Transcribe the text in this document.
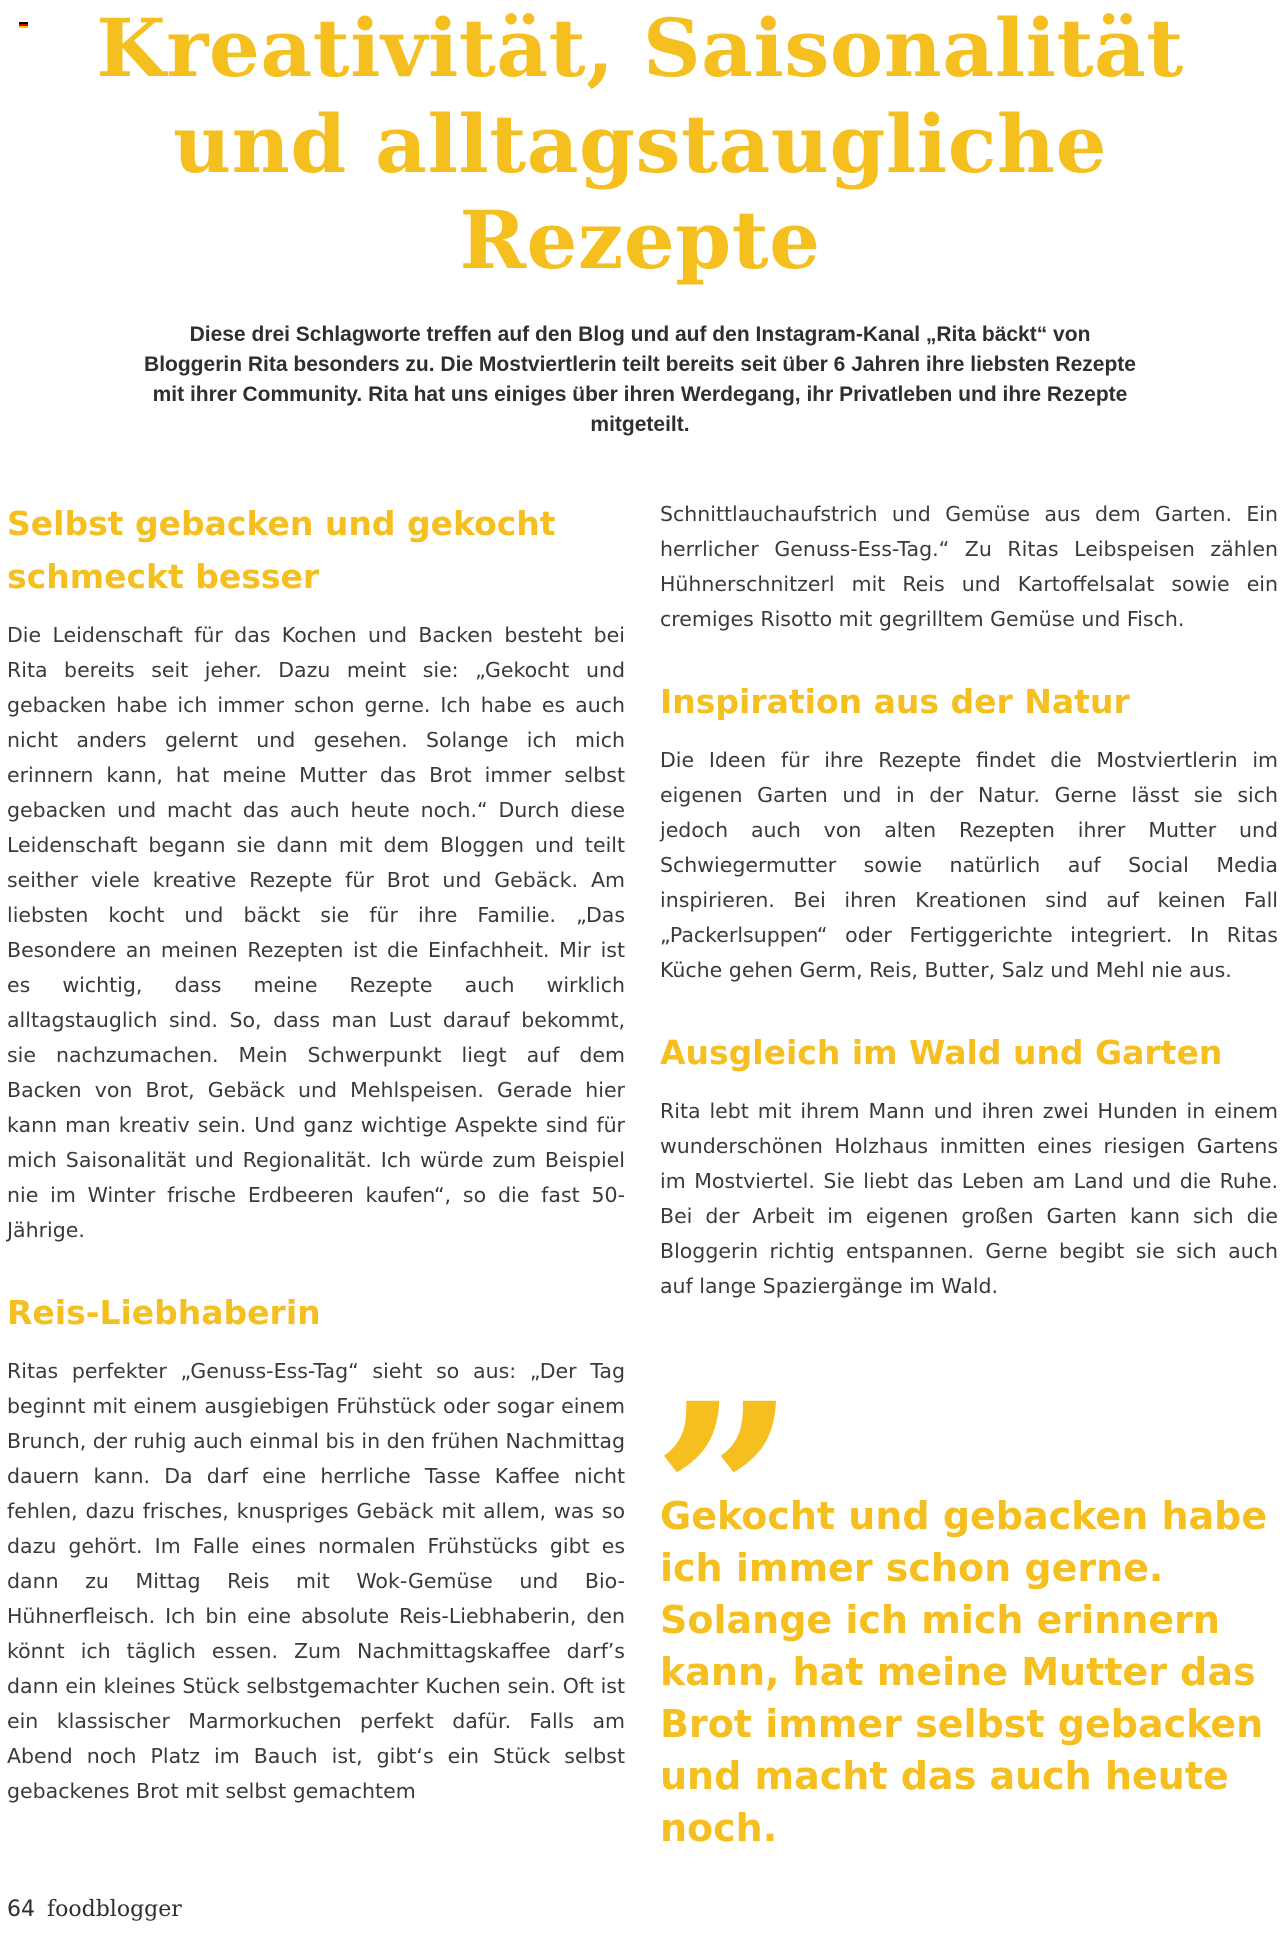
Kreativität, Saisonalität und alltagstaugliche Rezepte

Diese drei Schlagworte treffen auf den Blog und auf den Instagram-Kanal „Rita bäckt“ von Bloggerin Rita besonders zu. Die Mostviertlerin teilt bereits seit über 6 Jahren ihre liebsten Rezepte mit ihrer Community. Rita hat uns einiges über ihren Werdegang, ihr Privatleben und ihre Rezepte mitgeteilt.

Selbst gebacken und gekocht schmeckt besser

Die Leidenschaft für das Kochen und Backen besteht bei Rita bereits seit jeher. Dazu meint sie: „Gekocht und gebacken habe ich immer schon gerne. Ich habe es auch nicht anders gelernt und gesehen. Solange ich mich erinnern kann, hat meine Mutter das Brot immer selbst gebacken und macht das auch heute noch.“ Durch diese Leidenschaft begann sie dann mit dem Bloggen und teilt seither viele kreative Rezepte für Brot und Gebäck. Am liebsten kocht und bäckt sie für ihre Familie. „Das Besondere an meinen Rezepten ist die Einfachheit. Mir ist es wichtig, dass meine Rezepte auch wirklich alltagstauglich sind. So, dass man Lust darauf bekommt, sie nachzumachen. Mein Schwerpunkt liegt auf dem Backen von Brot, Gebäck und Mehlspeisen. Gerade hier kann man kreativ sein. Und ganz wichtige Aspekte sind für mich Saisonalität und Regionalität. Ich würde zum Beispiel nie im Winter frische Erdbeeren kaufen“, so die fast 50-Jährige.

Reis-Liebhaberin

Ritas perfekter „Genuss-Ess-Tag“ sieht so aus: „Der Tag beginnt mit einem ausgiebigen Frühstück oder sogar einem Brunch, der ruhig auch einmal bis in den frühen Nachmittag dauern kann. Da darf eine herrliche Tasse Kaffee nicht fehlen, dazu frisches, knuspriges Gebäck mit allem, was so dazu gehört. Im Falle eines normalen Frühstücks gibt es dann zu Mittag Reis mit Wok-Gemüse und Bio-Hühnerfleisch. Ich bin eine absolute Reis-Liebhaberin, den könnt ich täglich essen. Zum Nachmittagskaffee darf’s dann ein kleines Stück selbstgemachter Kuchen sein. Oft ist ein klassischer Marmorkuchen perfekt dafür. Falls am Abend noch Platz im Bauch ist, gibt‘s ein Stück selbst gebackenes Brot mit selbst gemachtem

Schnittlauchaufstrich und Gemüse aus dem Garten. Ein herrlicher Genuss-Ess-Tag.“ Zu Ritas Leibspeisen zählen Hühnerschnitzerl mit Reis und Kartoffelsalat sowie ein cremiges Risotto mit gegrilltem Gemüse und Fisch.

Inspiration aus der Natur

Die Ideen für ihre Rezepte findet die Mostviertlerin im eigenen Garten und in der Natur. Gerne lässt sie sich jedoch auch von alten Rezepten ihrer Mutter und Schwiegermutter sowie natürlich auf Social Media inspirieren. Bei ihren Kreationen sind auf keinen Fall „Packerlsuppen“ oder Fertiggerichte integriert. In Ritas Küche gehen Germ, Reis, Butter, Salz und Mehl nie aus.

Ausgleich im Wald und Garten

Rita lebt mit ihrem Mann und ihren zwei Hunden in einem wunderschönen Holzhaus inmitten eines riesigen Gartens im Mostviertel. Sie liebt das Leben am Land und die Ruhe. Bei der Arbeit im eigenen großen Garten kann sich die Bloggerin richtig entspannen. Gerne begibt sie sich auch auf lange Spaziergänge im Wald.

”

Gekocht und gebacken habe ich immer schon gerne. Solange ich mich erinnern kann, hat meine Mutter das Brot immer selbst gebacken und macht das auch heute noch.

64 foodblogger
